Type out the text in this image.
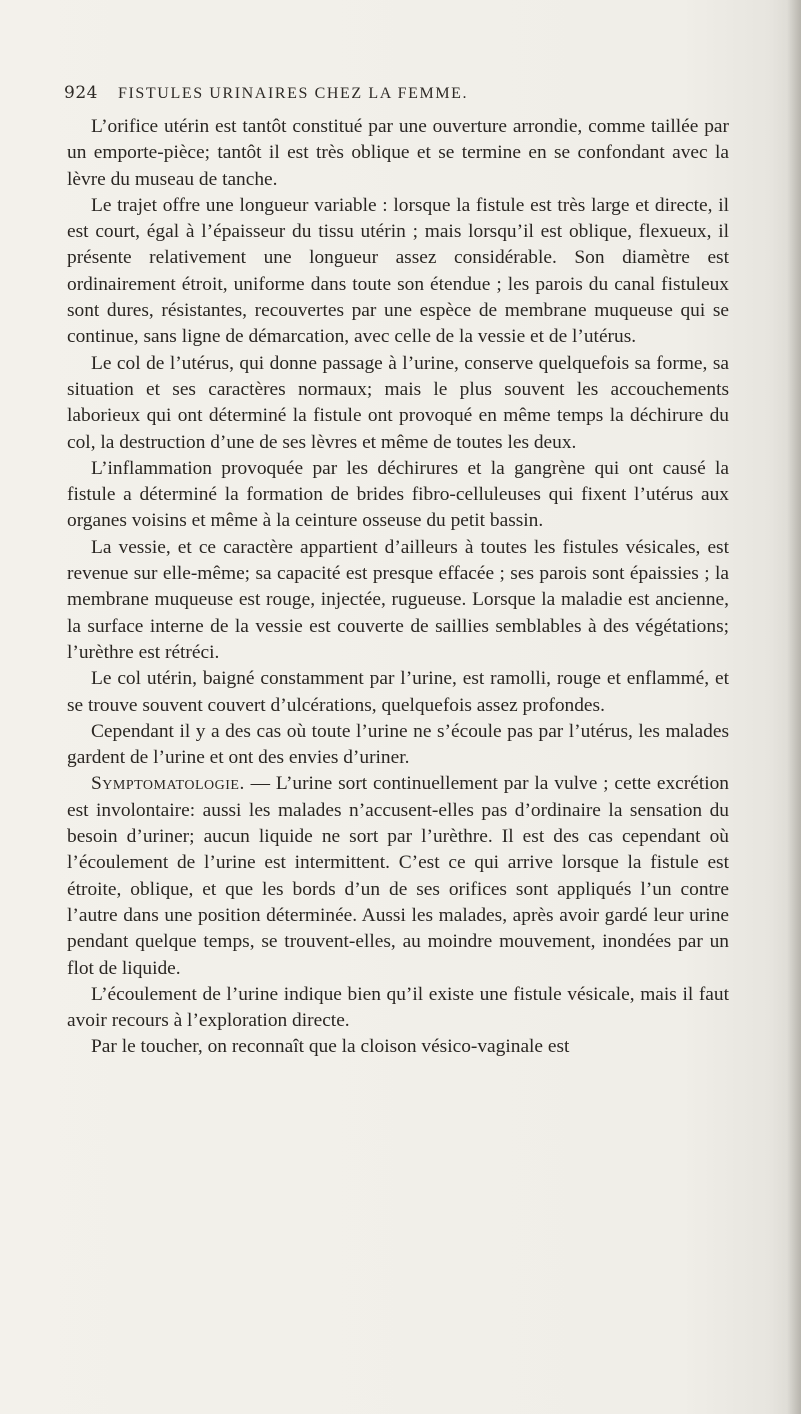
924 FISTULES URINAIRES CHEZ LA FEMME.

L’orifice utérin est tantôt constitué par une ouverture arrondie, comme taillée par un emporte-pièce; tantôt il est très oblique et se termine en se confondant avec la lèvre du museau de tanche.

Le trajet offre une longueur variable : lorsque la fistule est très large et directe, il est court, égal à l’épaisseur du tissu utérin ; mais lorsqu’il est oblique, flexueux, il présente relativement une longueur assez considérable. Son diamètre est ordinairement étroit, uniforme dans toute son étendue ; les parois du canal fistuleux sont dures, résistantes, recouvertes par une espèce de membrane muqueuse qui se continue, sans ligne de démarcation, avec celle de la vessie et de l’utérus.

Le col de l’utérus, qui donne passage à l’urine, conserve quelquefois sa forme, sa situation et ses caractères normaux; mais le plus souvent les accouchements laborieux qui ont déterminé la fistule ont provoqué en même temps la déchirure du col, la destruction d’une de ses lèvres et même de toutes les deux.

L’inflammation provoquée par les déchirures et la gangrène qui ont causé la fistule a déterminé la formation de brides fibro-celluleuses qui fixent l’utérus aux organes voisins et même à la ceinture osseuse du petit bassin.

La vessie, et ce caractère appartient d’ailleurs à toutes les fistules vésicales, est revenue sur elle-même; sa capacité est presque effacée ; ses parois sont épaissies ; la membrane muqueuse est rouge, injectée, rugueuse. Lorsque la maladie est ancienne, la surface interne de la vessie est couverte de saillies semblables à des végétations; l’urèthre est rétréci.

Le col utérin, baigné constamment par l’urine, est ramolli, rouge et enflammé, et se trouve souvent couvert d’ulcérations, quelquefois assez profondes.

Cependant il y a des cas où toute l’urine ne s’écoule pas par l’utérus, les malades gardent de l’urine et ont des envies d’uriner.

Symptomatologie. — L’urine sort continuellement par la vulve ; cette excrétion est involontaire: aussi les malades n’accusent-elles pas d’ordinaire la sensation du besoin d’uriner; aucun liquide ne sort par l’urèthre. Il est des cas cependant où l’écoulement de l’urine est intermittent. C’est ce qui arrive lorsque la fistule est étroite, oblique, et que les bords d’un de ses orifices sont appliqués l’un contre l’autre dans une position déterminée. Aussi les malades, après avoir gardé leur urine pendant quelque temps, se trouvent-elles, au moindre mouvement, inondées par un flot de liquide.

L’écoulement de l’urine indique bien qu’il existe une fistule vésicale, mais il faut avoir recours à l’exploration directe.

Par le toucher, on reconnaît que la cloison vésico-vaginale est
